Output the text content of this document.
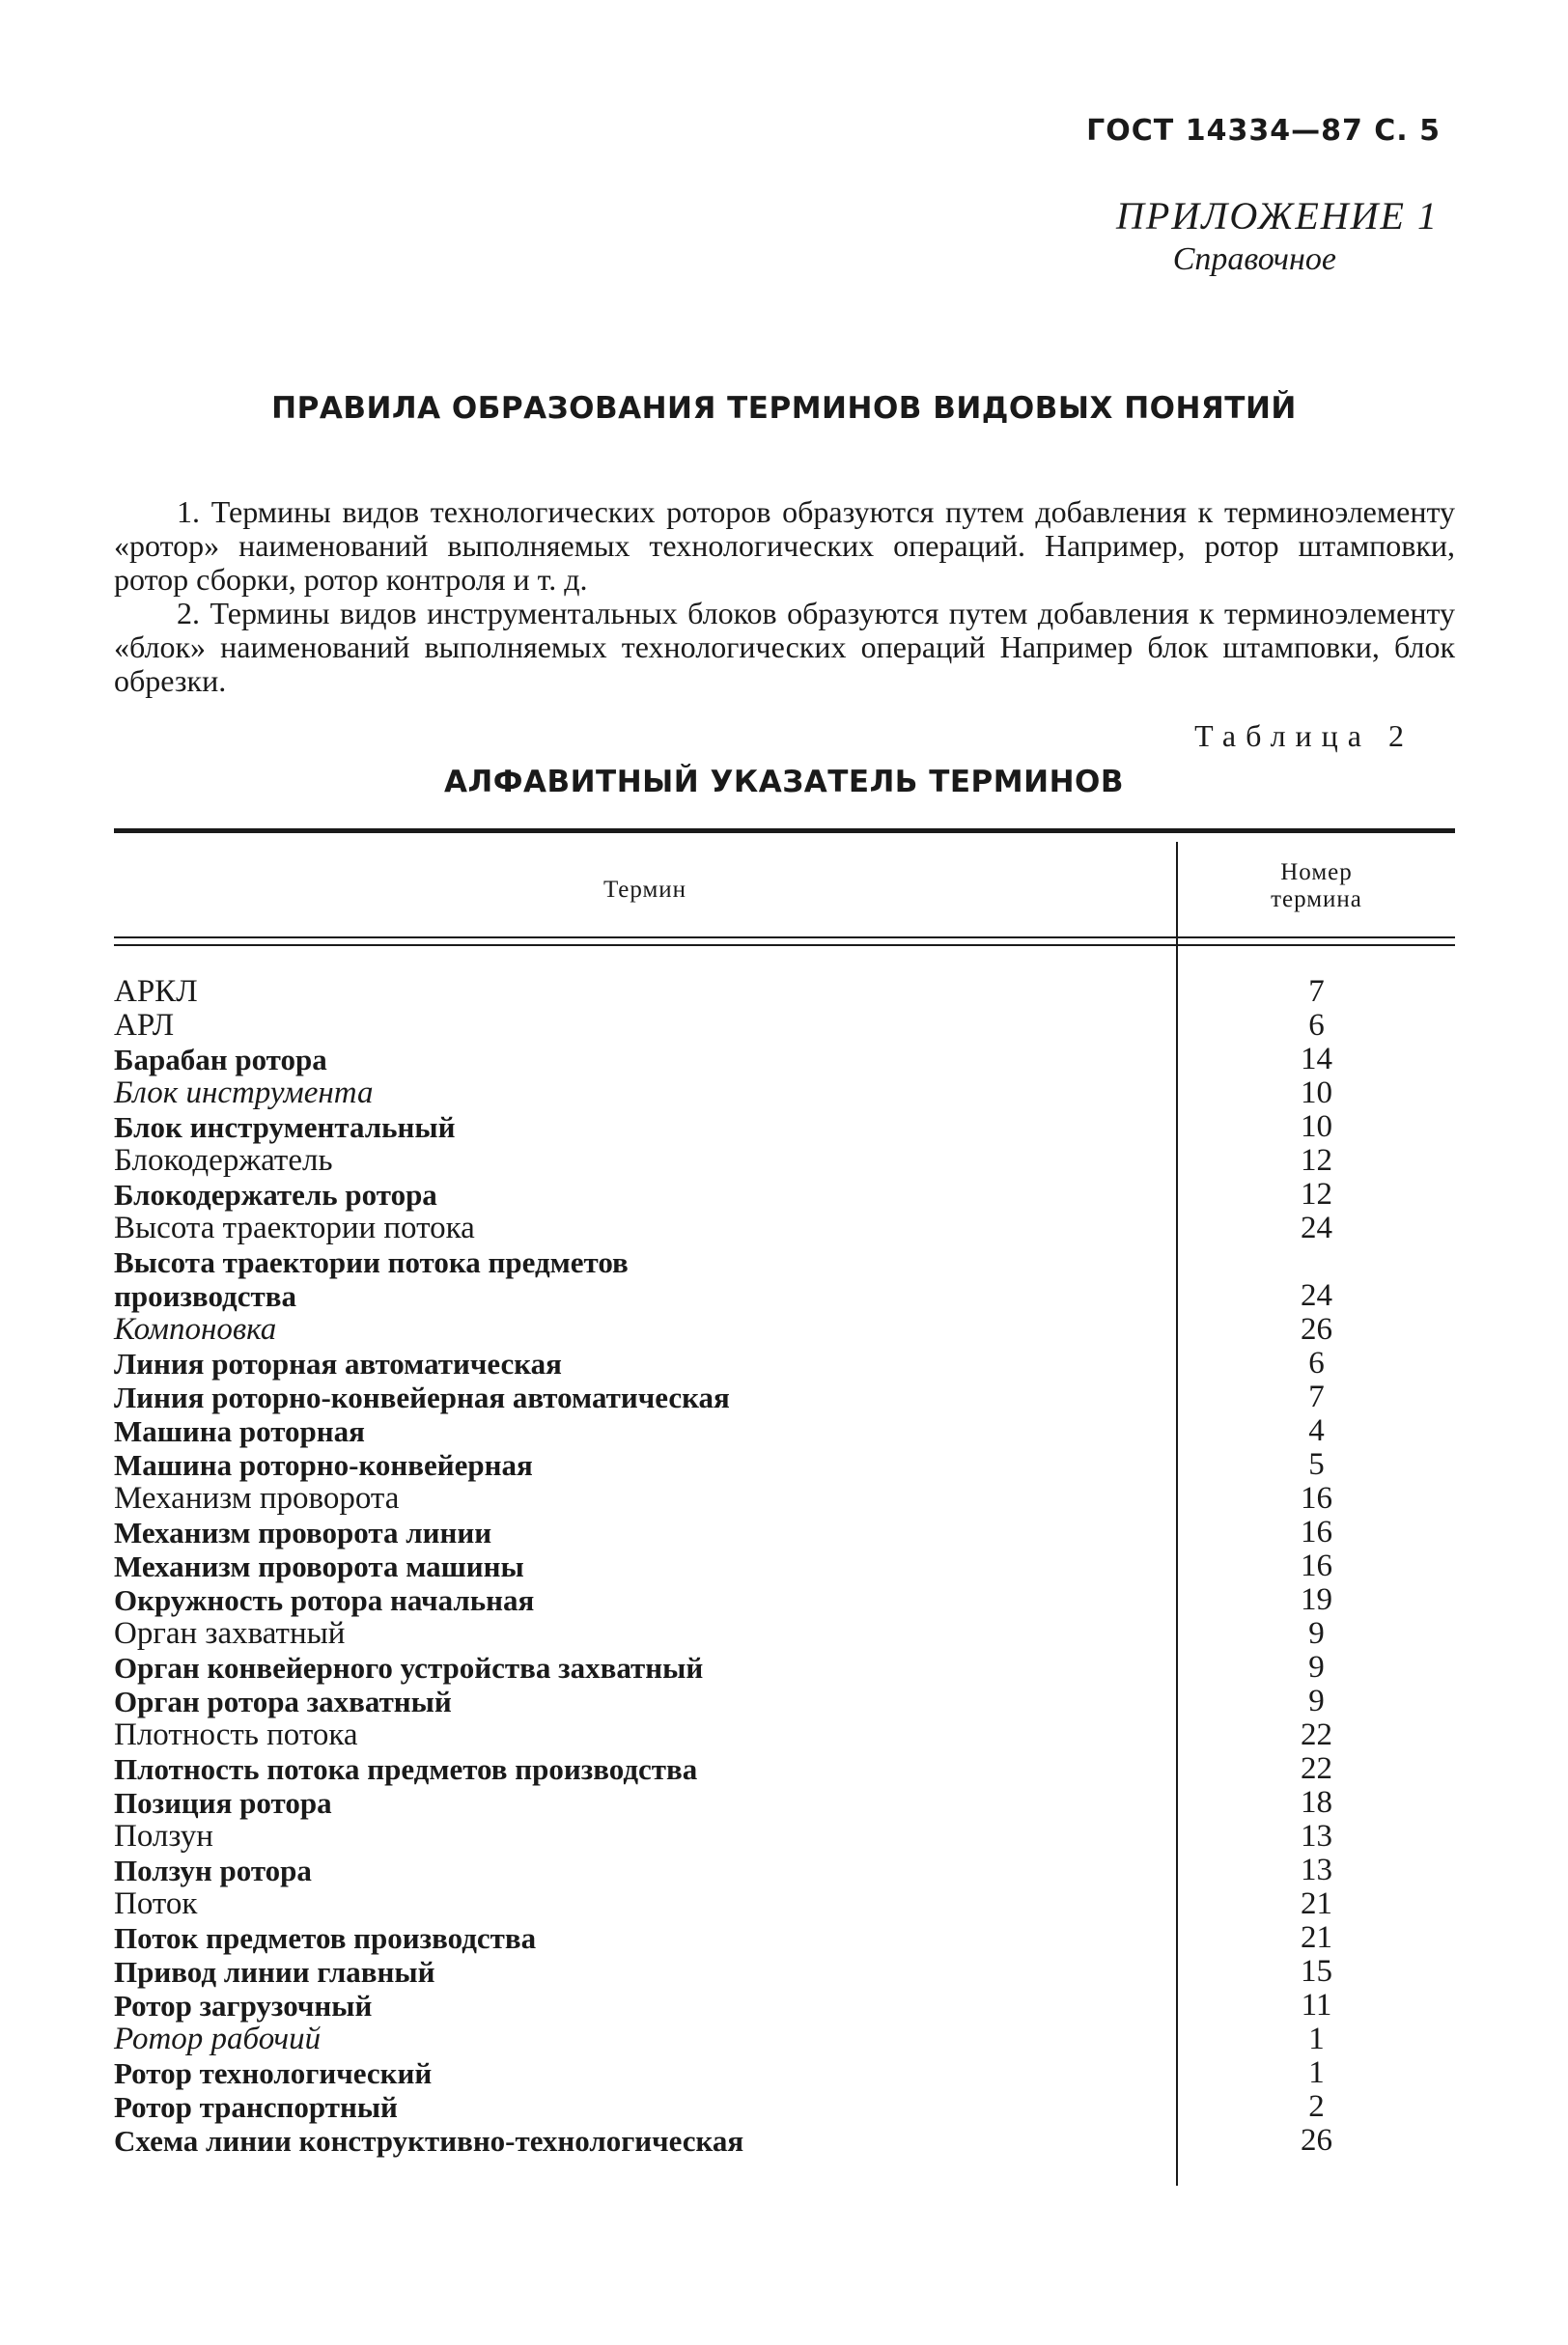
ГОСТ 14334—87 С. 5
ПРИЛОЖЕНИЕ 1
Справочное
ПРАВИЛА ОБРАЗОВАНИЯ ТЕРМИНОВ ВИДОВЫХ ПОНЯТИЙ
1. Термины видов технологических роторов образуются путем добавления к терминоэлементу «ротор» наименований выполняемых технологических операций. Например, ротор штамповки, ротор сборки, ротор контроля и т. д.
2. Термины видов инструментальных блоков образуются путем добавления к терминоэлементу «блок» наименований выполняемых технологических операций Например блок штамповки, блок обрезки.
Таблица 2
АЛФАВИТНЫЙ УКАЗАТЕЛЬ ТЕРМИНОВ
Термин
Номер
термина
АРКЛ	7
АРЛ	6
Барабан ротора	14
Блок инструмента	10
Блок инструментальный	10
Блокодержатель	12
Блокодержатель ротора	12
Высота траектории потока	24
Высота траектории потока предметов
производства	24
Компоновка	26
Линия роторная автоматическая	6
Линия роторно-конвейерная автоматическая	7
Машина роторная	4
Машина роторно-конвейерная	5
Механизм проворота	16
Механизм проворота линии	16
Механизм проворота машины	16
Окружность ротора начальная	19
Орган захватный	9
Орган конвейерного устройства захватный	9
Орган ротора захватный	9
Плотность потока	22
Плотность потока предметов производства	22
Позиция ротора	18
Ползун	13
Ползун ротора	13
Поток	21
Поток предметов производства	21
Привод линии главный	15
Ротор загрузочный	11
Ротор рабочий	1
Ротор технологический	1
Ротор транспортный	2
Схема линии конструктивно-технологическая	26
